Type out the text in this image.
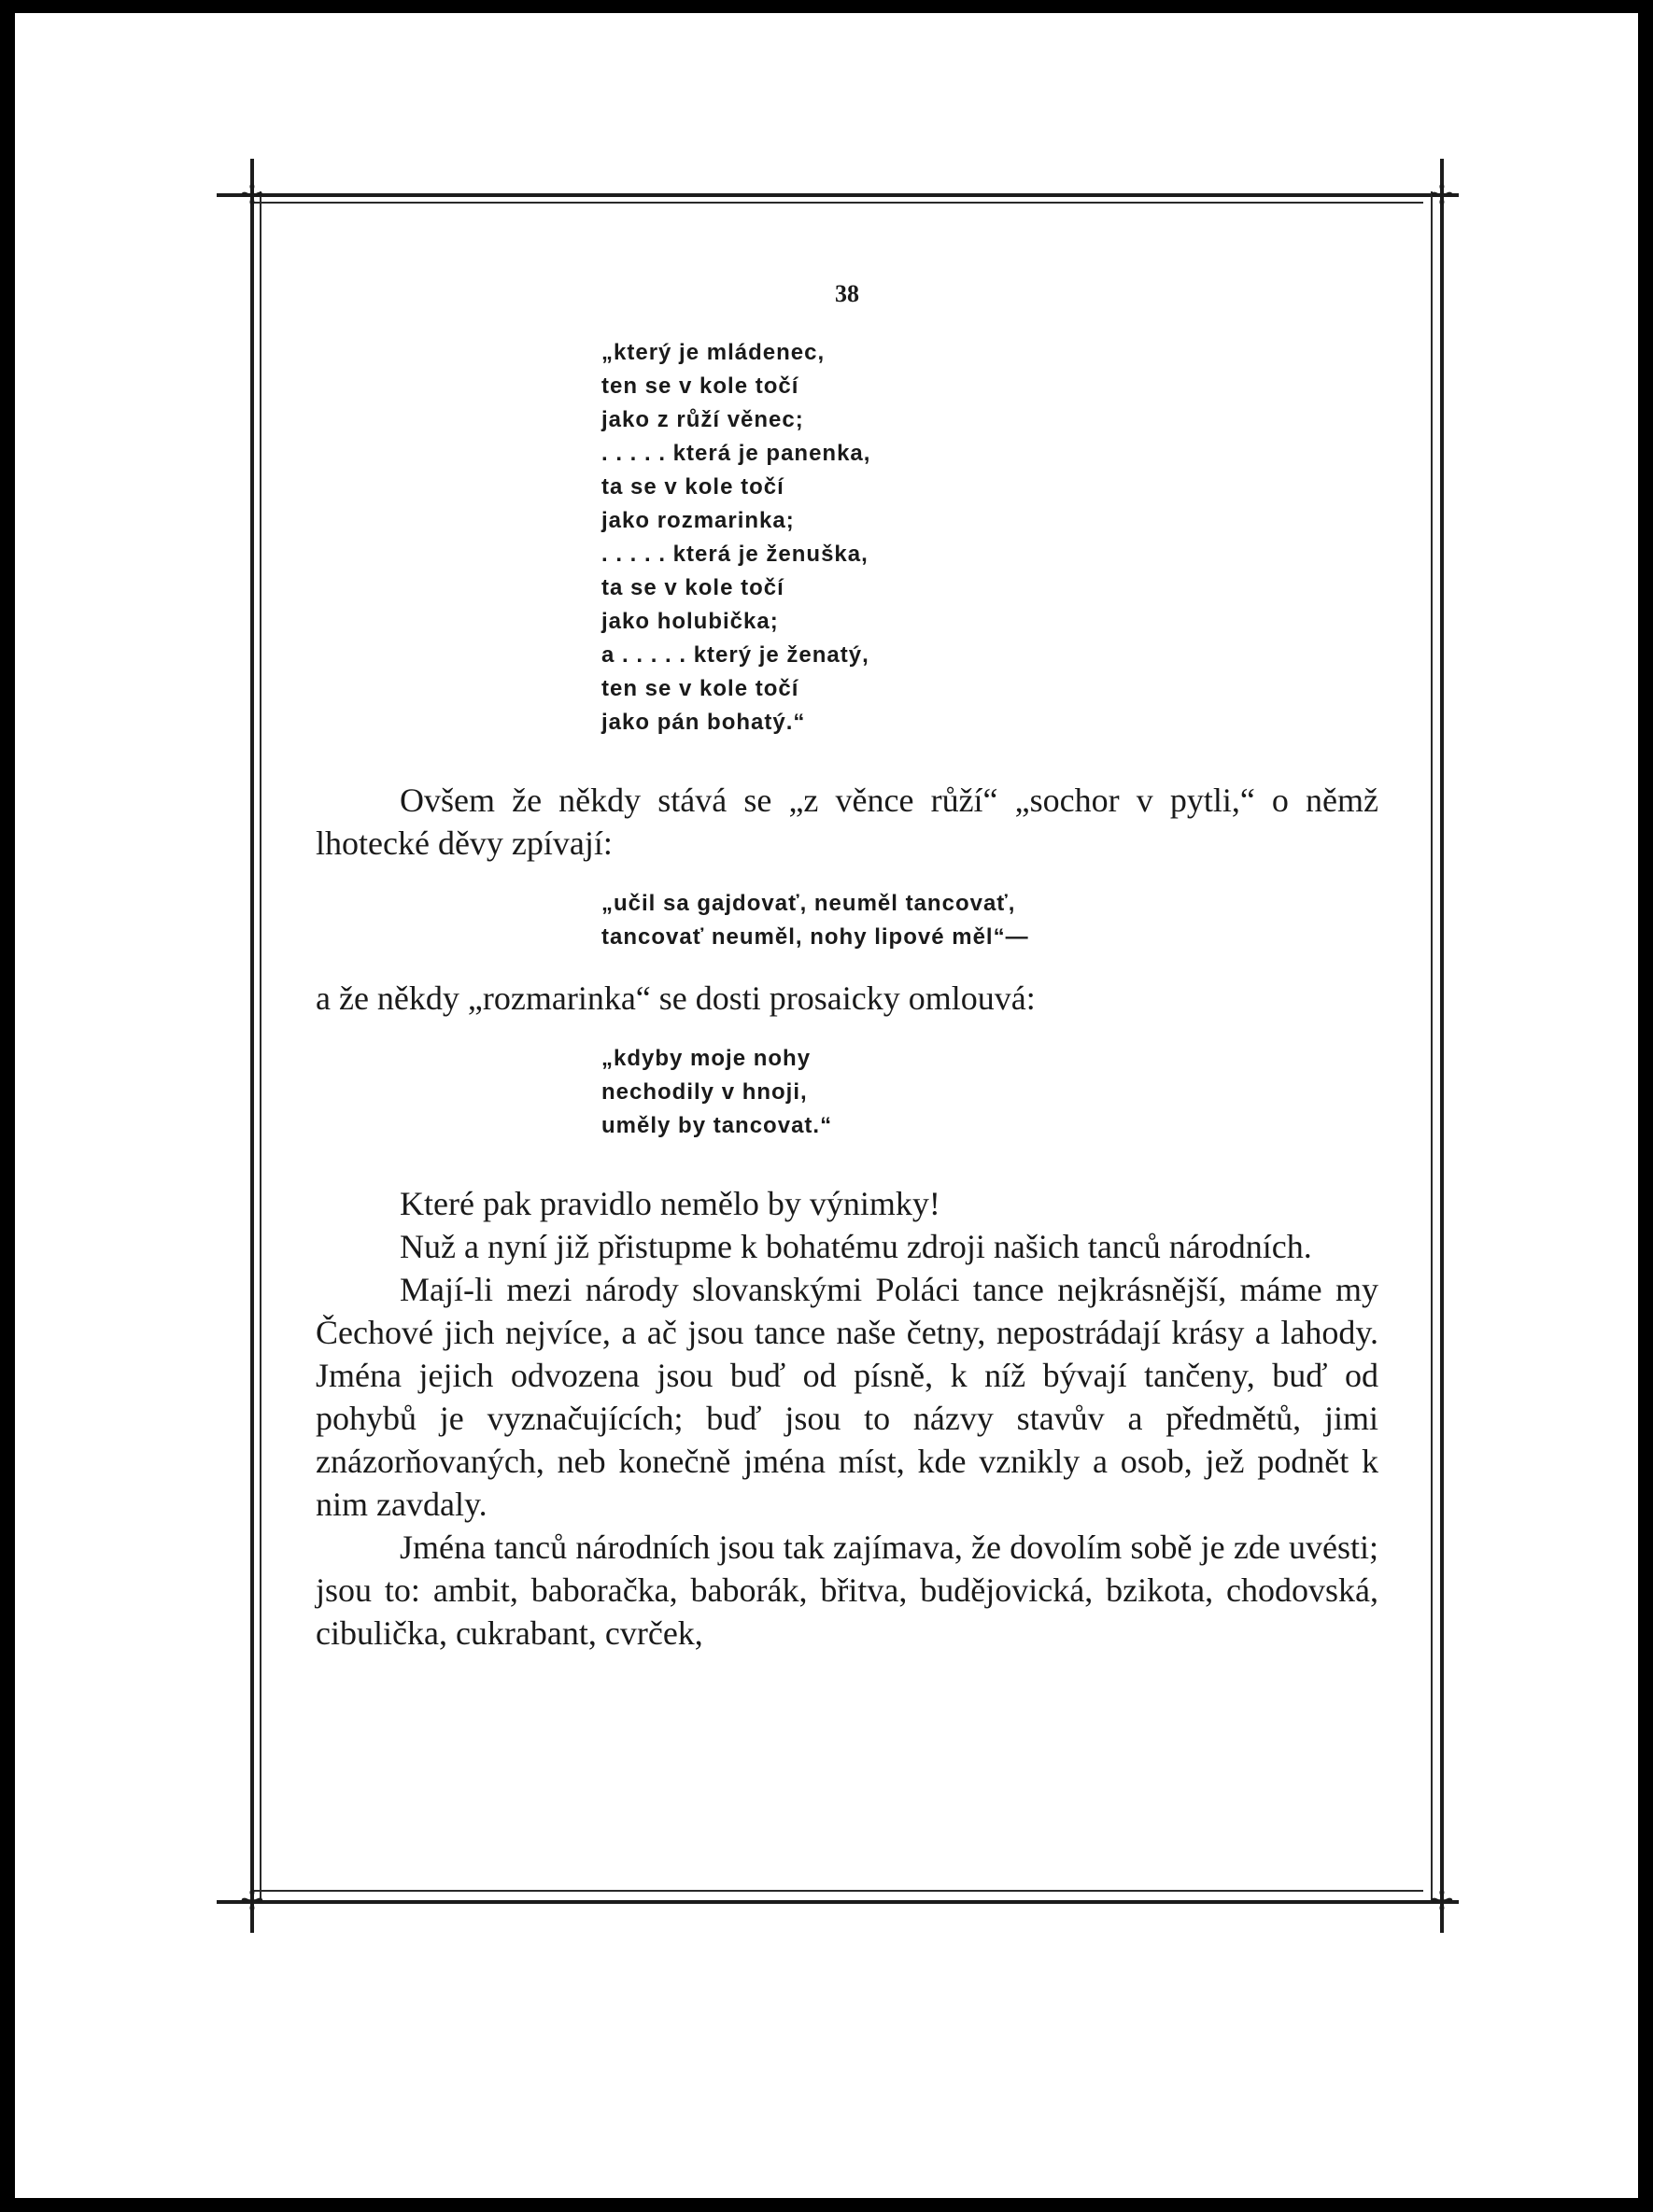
✢	✢
✢	✢
38
„který je mládenec,
ten se v kole točí
jako z růží věnec;
. . . . . která je panenka,
ta se v kole točí
jako rozmarinka;
. . . . . která je ženuška,
ta se v kole točí
jako holubička;
a . . . . . který je ženatý,
ten se v kole točí
jako pán bohatý.“

Ovšem že někdy stává se „z věnce růží“ „sochor v pytli,“ o němž lhotecké děvy zpívají:

„učil sa gajdovať, neuměl tancovať,
tancovať neuměl, nohy lipové měl“—

a že někdy „rozmarinka“ se dosti prosaicky omlouvá:

„kdyby moje nohy
nechodily v hnoji,
uměly by tancovat.“

Které pak pravidlo nemělo by výnimky!

Nuž a nyní již přistupme k bohatému zdroji našich tanců národních.

Mají-li mezi národy slovanskými Poláci tance nejkrásnější, máme my Čechové jich nejvíce, a ač jsou tance naše četny, nepostrádají krásy a lahody. Jména jejich odvozena jsou buď od písně, k níž bývají tančeny, buď od pohybů je vyznačujících; buď jsou to názvy stavův a předmětů, jimi znázorňovaných, neb konečně jména míst, kde vznikly a osob, jež podnět k nim zavdaly.

Jména tanců národních jsou tak zajímava, že dovolím sobě je zde uvésti; jsou to: ambit, baboračka, baborák, břitva, budějovická, bzikota, chodovská, cibulička, cukrabant, cvrček,
